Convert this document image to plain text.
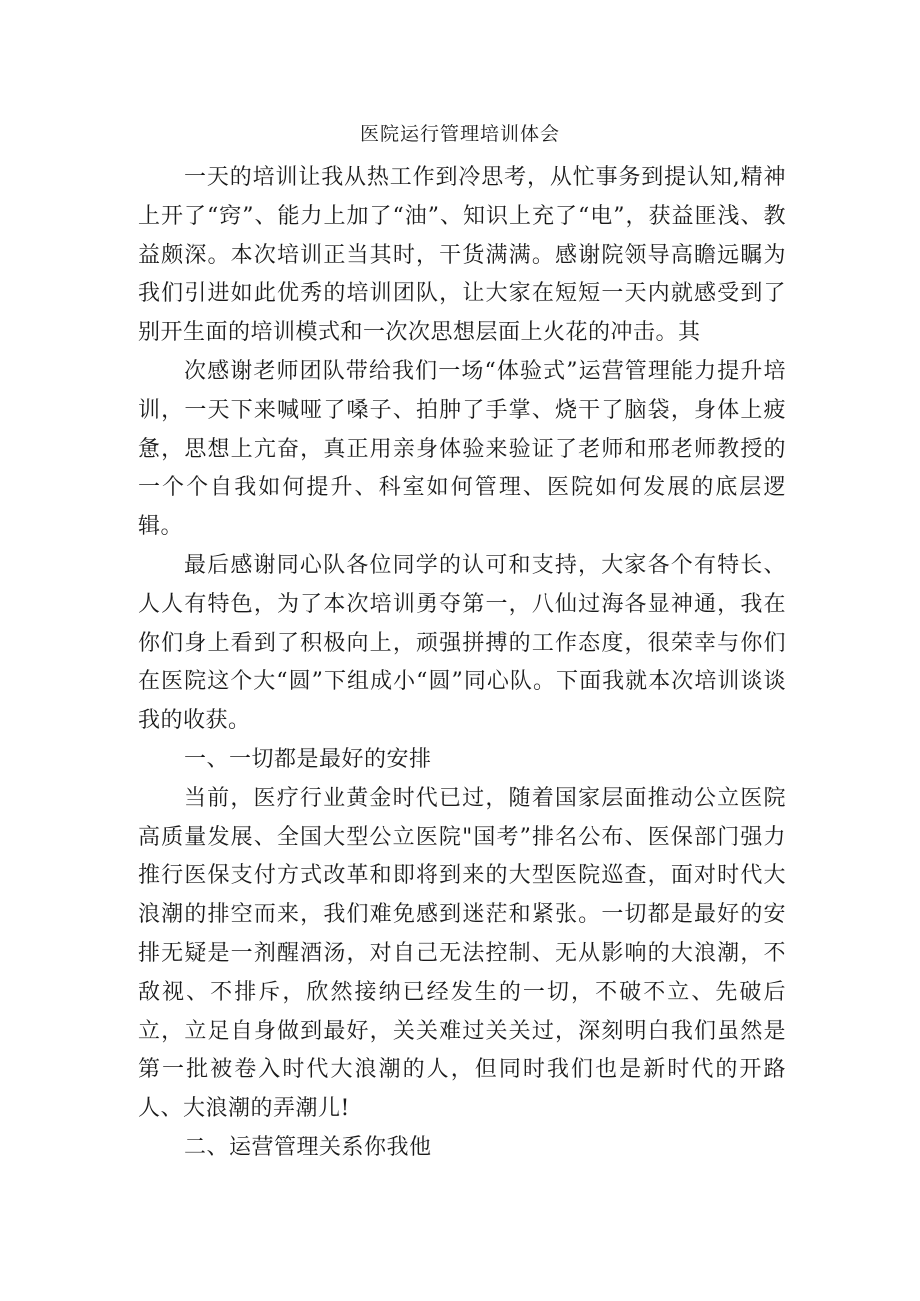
医院运行管理培训体会

一天的培训让我从热工作到冷思考，从忙事务到提认知,精神上开了“窍”、能力上加了“油”、知识上充了“电”，获益匪浅、教益颇深。本次培训正当其时，干货满满。感谢院领导高瞻远瞩为我们引进如此优秀的培训团队，让大家在短短一天内就感受到了别开生面的培训模式和一次次思想层面上火花的冲击。其

次感谢老师团队带给我们一场“体验式”运营管理能力提升培训，一天下来喊哑了嗓子、拍肿了手掌、烧干了脑袋，身体上疲惫，思想上亢奋，真正用亲身体验来验证了老师和邢老师教授的一个个自我如何提升、科室如何管理、医院如何发展的底层逻辑。

最后感谢同心队各位同学的认可和支持，大家各个有特长、人人有特色，为了本次培训勇夺第一，八仙过海各显神通，我在你们身上看到了积极向上，顽强拼搏的工作态度，很荣幸与你们在医院这个大“圆”下组成小“圆”同心队。下面我就本次培训谈谈我的收获。

一、一切都是最好的安排

当前，医疗行业黄金时代已过，随着国家层面推动公立医院高质量发展、全国大型公立医院"国考”排名公布、医保部门强力推行医保支付方式改革和即将到来的大型医院巡查，面对时代大浪潮的排空而来，我们难免感到迷茫和紧张。一切都是最好的安排无疑是一剂醒酒汤，对自己无法控制、无从影响的大浪潮，不敌视、不排斥，欣然接纳已经发生的一切，不破不立、先破后立，立足自身做到最好，关关难过关关过，深刻明白我们虽然是第一批被卷入时代大浪潮的人，但同时我们也是新时代的开路人、大浪潮的弄潮儿!

二、运营管理关系你我他
